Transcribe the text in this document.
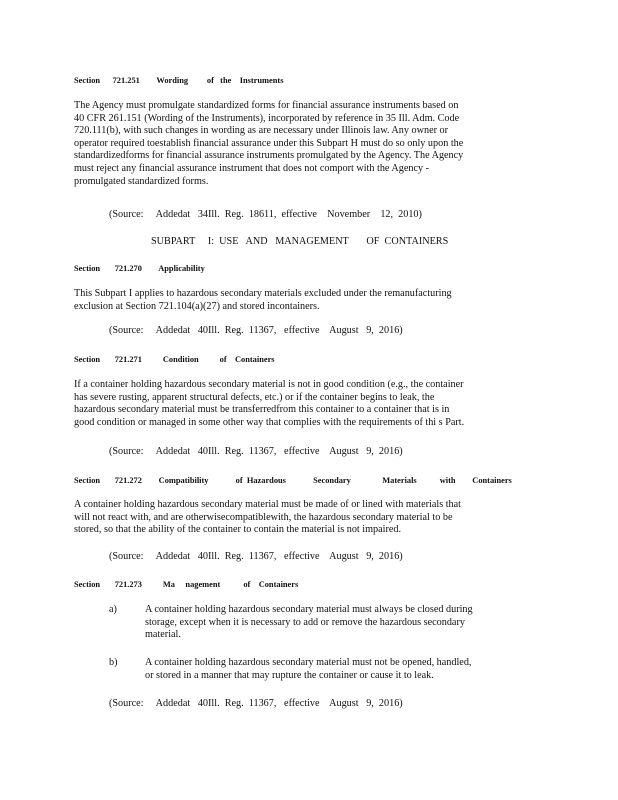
Section      721.251        Wording         of   the    Instruments
The Agency must promulgate standardized forms for financial assurance instruments based on
40 CFR 261.151 (Wording of the Instruments), incorporated by reference in 35 Ill. Adm. Code
720.111(b), with such changes in wording as are necessary under Illinois law. Any owner or
operator required toestablish financial assurance under this Subpart H must do so only upon the
standardizedforms for financial assurance instruments promulgated by the Agency. The Agency
must reject any financial assurance instrument that does not comport with the Agency -
promulgated standardized forms.
(Source:     Addedat   34Ill.  Reg.  18611,  effective    November    12,  2010)
SUBPART     I:  USE   AND   MANAGEMENT       OF  CONTAINERS
Section       721.270        Applicability
This Subpart I applies to hazardous secondary materials excluded under the remanufacturing
exclusion at Section 721.104(a)(27) and stored incontainers.
(Source:     Addedat   40Ill.  Reg.  11367,   effective    August   9,  2016)
Section       721.271          Condition          of    Containers
If a container holding hazardous secondary material is not in good condition (e.g., the container
has severe rusting, apparent structural defects, etc.) or if the container begins to leak, the
hazardous secondary material must be transferredfrom this container to a container that is in
good condition or managed in some other way that complies with the requirements of thi s Part.
(Source:     Addedat   40Ill.  Reg.  11367,   effective    August   9,  2016)
Section       721.272        Compatibility             of  Hazardous             Secondary               Materials           with        Containers
A container holding hazardous secondary material must be made of or lined with materials that
will not react with, and are otherwisecompatiblewith, the hazardous secondary material to be
stored, so that the ability of the container to contain the material is not impaired.
(Source:     Addedat   40Ill.  Reg.  11367,   effective    August   9,  2016)
Section       721.273          Ma     nagement           of    Containers
a)	A container holding hazardous secondary material must always be closed during
storage, except when it is necessary to add or remove the hazardous secondary
material.
b)	A container holding hazardous secondary material must not be opened, handled,
or stored in a manner that may rupture the container or cause it to leak.
(Source:     Addedat   40Ill.  Reg.  11367,   effective    August   9,  2016)
